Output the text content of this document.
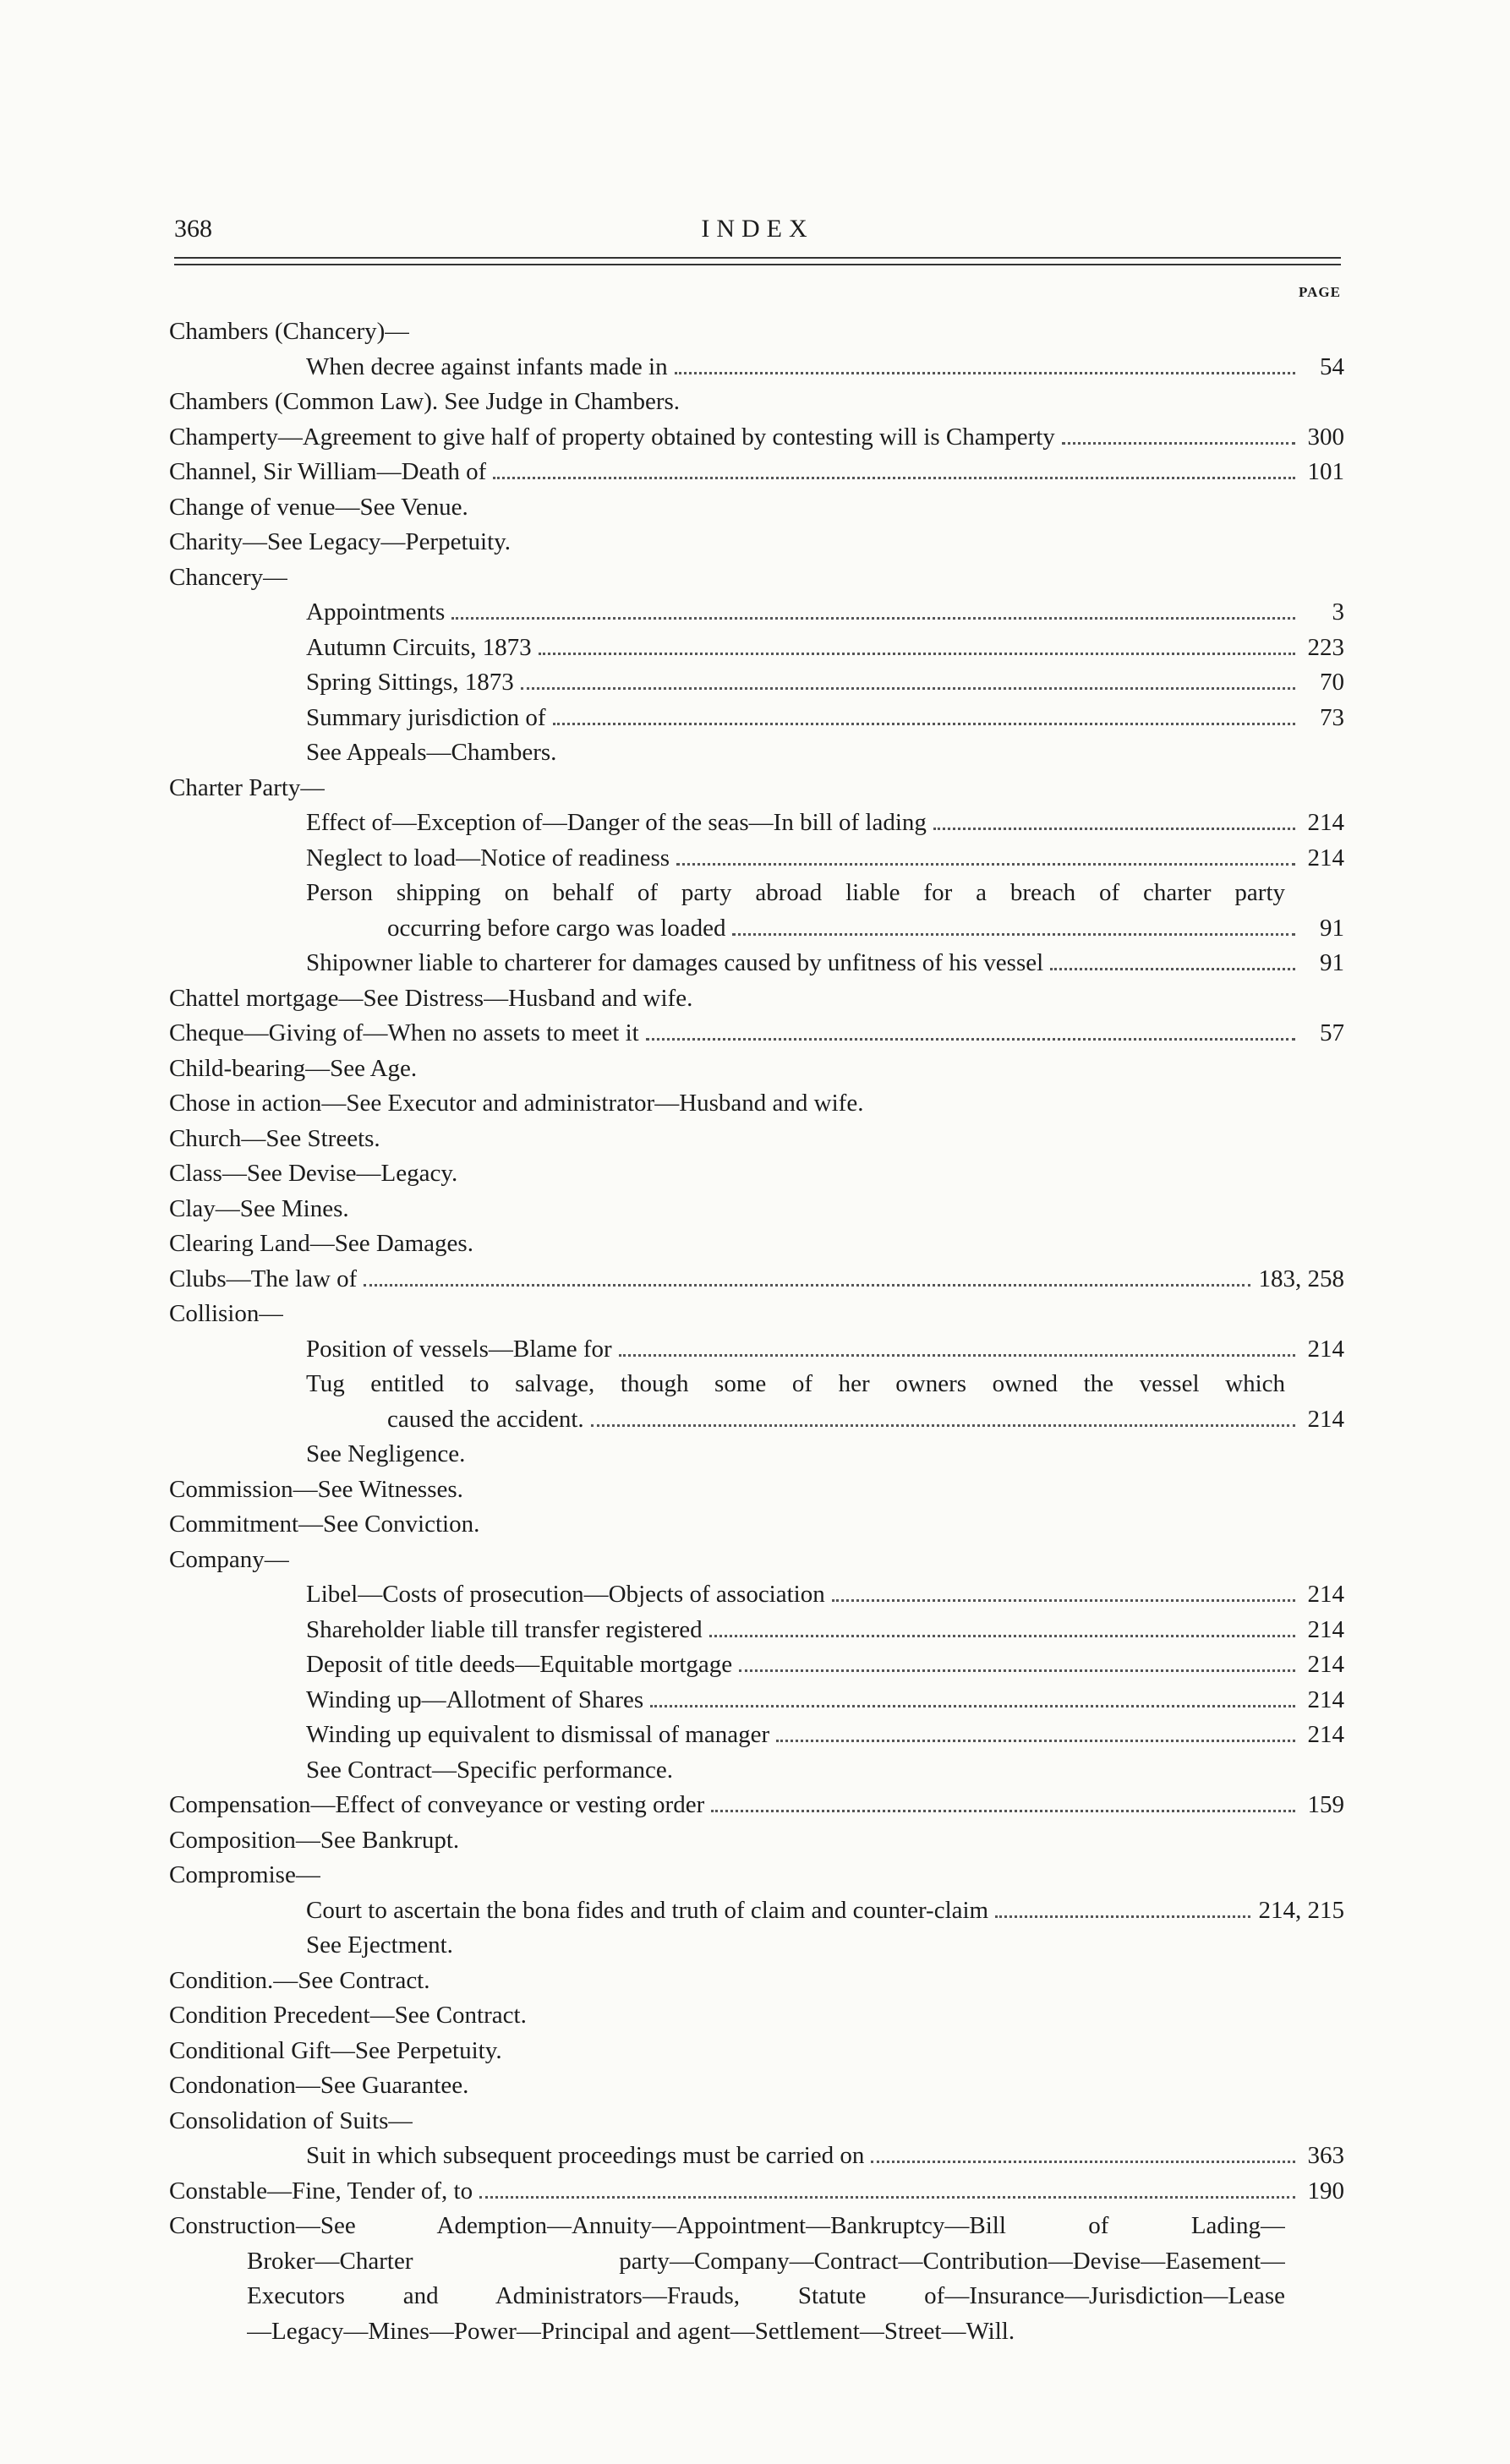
368	INDEX
PAGE
Chambers (Chancery)—
When decree against infants made in	54
Chambers (Common Law). See Judge in Chambers.
Champerty—Agreement to give half of property obtained by contesting will is Champerty	300
Channel, Sir William—Death of	101
Change of venue—See Venue.
Charity—See Legacy—Perpetuity.
Chancery—
Appointments	3
Autumn Circuits, 1873	223
Spring Sittings, 1873	70
Summary jurisdiction of	73
See Appeals—Chambers.
Charter Party—
Effect of—Exception of—Danger of the seas—In bill of lading	214
Neglect to load—Notice of readiness	214
Person shipping on behalf of party abroad liable for a breach of charter party
occurring before cargo was loaded	91
Shipowner liable to charterer for damages caused by unfitness of his vessel	91
Chattel mortgage—See Distress—Husband and wife.
Cheque—Giving of—When no assets to meet it	57
Child-bearing—See Age.
Chose in action—See Executor and administrator—Husband and wife.
Church—See Streets.
Class—See Devise—Legacy.
Clay—See Mines.
Clearing Land—See Damages.
Clubs—The law of	183, 258
Collision—
Position of vessels—Blame for	214
Tug entitled to salvage, though some of her owners owned the vessel which
caused the accident.	214
See Negligence.
Commission—See Witnesses.
Commitment—See Conviction.
Company—
Libel—Costs of prosecution—Objects of association	214
Shareholder liable till transfer registered	214
Deposit of title deeds—Equitable mortgage	214
Winding up—Allotment of Shares	214
Winding up equivalent to dismissal of manager	214
See Contract—Specific performance.
Compensation—Effect of conveyance or vesting order	159
Composition—See Bankrupt.
Compromise—
Court to ascertain the bona fides and truth of claim and counter-claim	214, 215
See Ejectment.
Condition.—See Contract.
Condition Precedent—See Contract.
Conditional Gift—See Perpetuity.
Condonation—See Guarantee.
Consolidation of Suits—
Suit in which subsequent proceedings must be carried on	363
Constable—Fine, Tender of, to	190
Construction—See Ademption—Annuity—Appointment—Bankruptcy—Bill of Lading—
Broker—Charter party—Company—Contract—Contribution—Devise—Easement—
Executors and Administrators—Frauds, Statute of—Insurance—Jurisdiction—Lease
—Legacy—Mines—Power—Principal and agent—Settlement—Street—Will.
